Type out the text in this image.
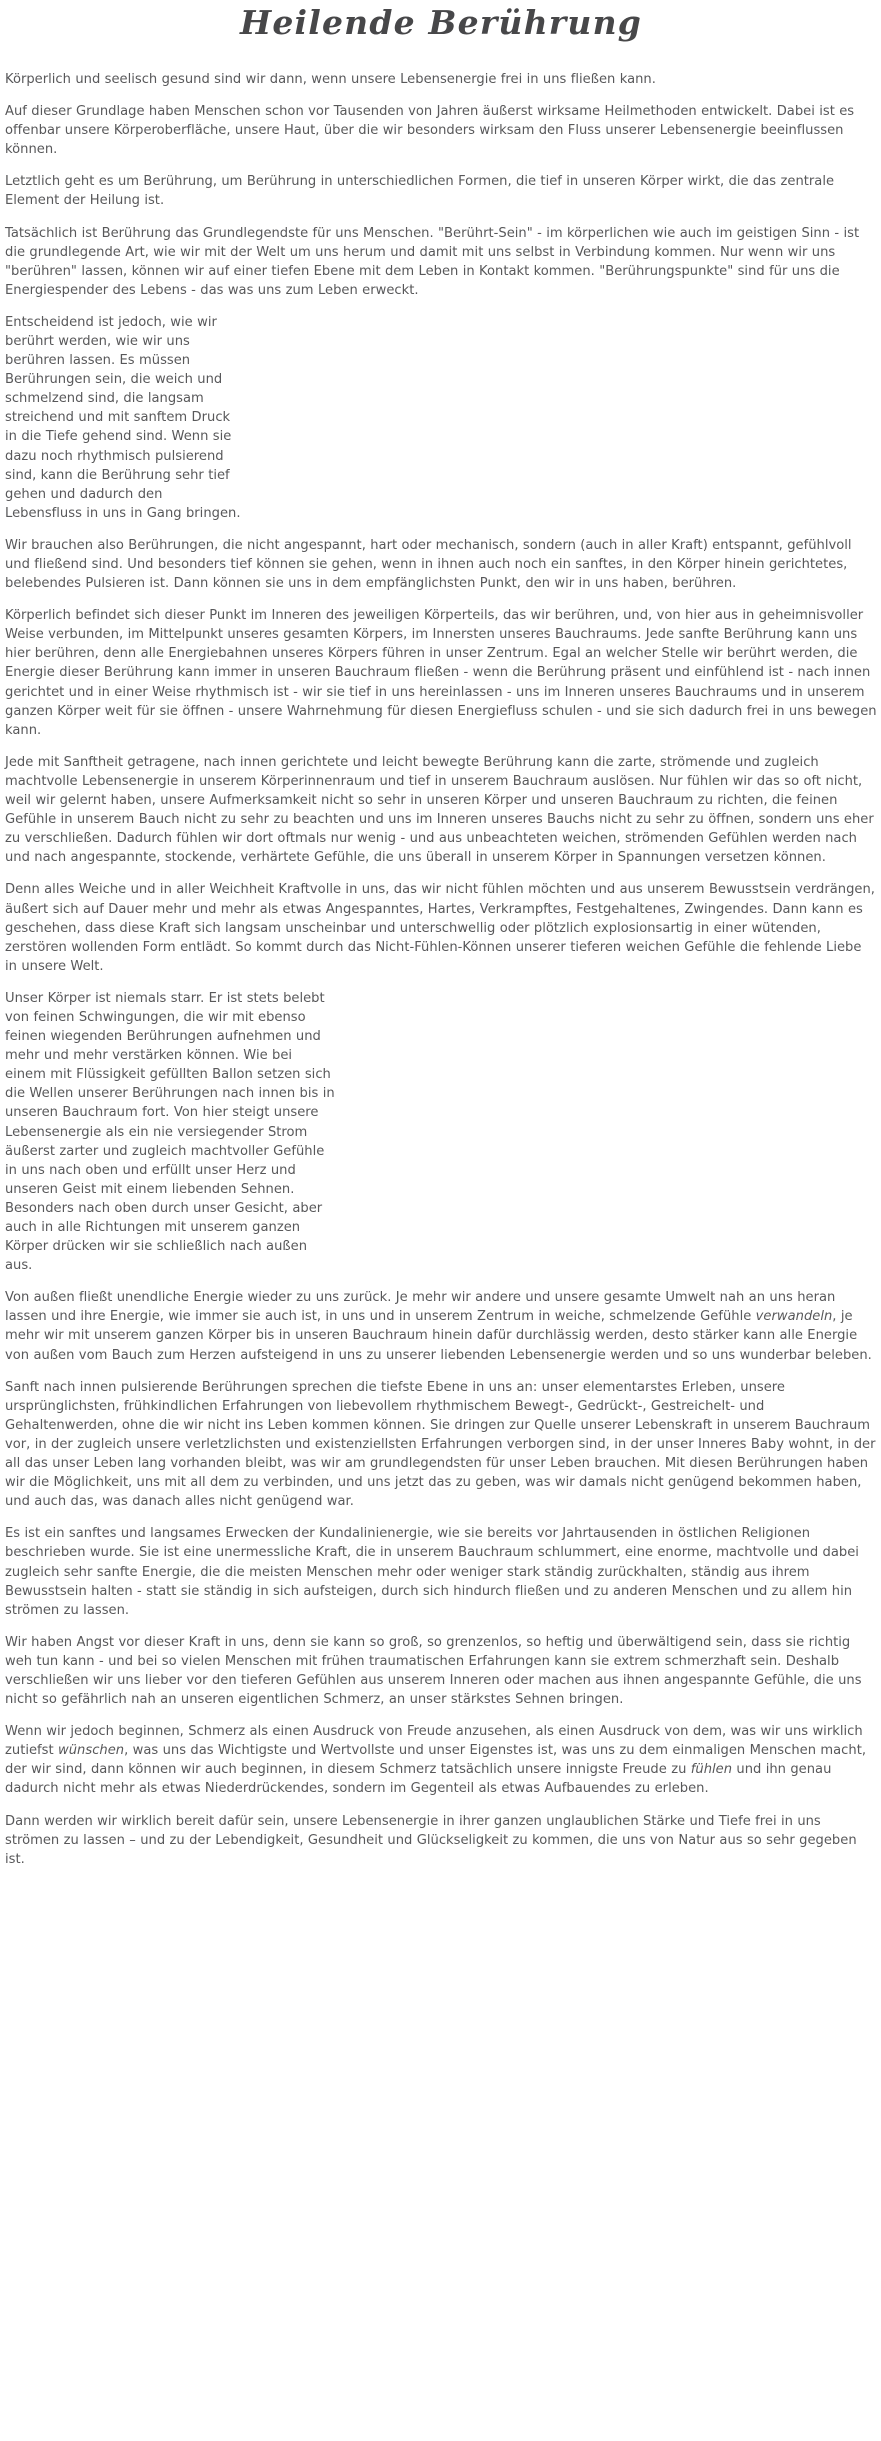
Heilende Berührung

Körperlich und seelisch gesund sind wir dann, wenn unsere Lebensenergie frei in uns fließen kann.

Auf dieser Grundlage haben Menschen schon vor Tausenden von Jahren äußerst wirksame Heilmethoden entwickelt. Dabei ist es offenbar unsere Körperoberfläche, unsere Haut, über die wir besonders wirksam den Fluss unserer Lebensenergie beeinflussen können.

Letztlich geht es um Berührung, um Berührung in unterschiedlichen Formen, die tief in unseren Körper wirkt, die das zentrale Element der Heilung ist.

Tatsächlich ist Berührung das Grundlegendste für uns Menschen. "Berührt-Sein" - im körperlichen wie auch im geistigen Sinn - ist die grundlegende Art, wie wir mit der Welt um uns herum und damit mit uns selbst in Verbindung kommen. Nur wenn wir uns "berühren" lassen, können wir auf einer tiefen Ebene mit dem Leben in Kontakt kommen. "Berührungspunkte" sind für uns die Energiespender des Lebens - das was uns zum Leben erweckt.

Entscheidend ist jedoch, wie wir berührt werden, wie wir uns berühren lassen. Es müssen Berührungen sein, die weich und schmelzend sind, die langsam streichend und mit sanftem Druck in die Tiefe gehend sind. Wenn sie dazu noch rhythmisch pulsierend sind, kann die Berührung sehr tief gehen und dadurch den Lebensfluss in uns in Gang bringen.

Wir brauchen also Berührungen, die nicht angespannt, hart oder mechanisch, sondern (auch in aller Kraft) entspannt, gefühlvoll und fließend sind. Und besonders tief können sie gehen, wenn in ihnen auch noch ein sanftes, in den Körper hinein gerichtetes, belebendes Pulsieren ist. Dann können sie uns in dem empfänglichsten Punkt, den wir in uns haben, berühren.

Körperlich befindet sich dieser Punkt im Inneren des jeweiligen Körperteils, das wir berühren, und, von hier aus in geheimnisvoller Weise verbunden, im Mittelpunkt unseres gesamten Körpers, im Innersten unseres Bauchraums. Jede sanfte Berührung kann uns hier berühren, denn alle Energiebahnen unseres Körpers führen in unser Zentrum. Egal an welcher Stelle wir berührt werden, die Energie dieser Berührung kann immer in unseren Bauchraum fließen - wenn die Berührung präsent und einfühlend ist - nach innen gerichtet und in einer Weise rhythmisch ist - wir sie tief in uns hereinlassen - uns im Inneren unseres Bauchraums und in unserem ganzen Körper weit für sie öffnen - unsere Wahrnehmung für diesen Energiefluss schulen - und sie sich dadurch frei in uns bewegen kann.

Jede mit Sanftheit getragene, nach innen gerichtete und leicht bewegte Berührung kann die zarte, strömende und zugleich machtvolle Lebensenergie in unserem Körperinnenraum und tief in unserem Bauchraum auslösen. Nur fühlen wir das so oft nicht, weil wir gelernt haben, unsere Aufmerksamkeit nicht so sehr in unseren Körper und unseren Bauchraum zu richten, die feinen Gefühle in unserem Bauch nicht zu sehr zu beachten und uns im Inneren unseres Bauchs nicht zu sehr zu öffnen, sondern uns eher zu verschließen. Dadurch fühlen wir dort oftmals nur wenig - und aus unbeachteten weichen, strömenden Gefühlen werden nach und nach angespannte, stockende, verhärtete Gefühle, die uns überall in unserem Körper in Spannungen versetzen können.

Denn alles Weiche und in aller Weichheit Kraftvolle in uns, das wir nicht fühlen möchten und aus unserem Bewusstsein verdrängen, äußert sich auf Dauer mehr und mehr als etwas Angespanntes, Hartes, Verkrampftes, Festgehaltenes, Zwingendes. Dann kann es geschehen, dass diese Kraft sich langsam unscheinbar und unterschwellig oder plötzlich explosionsartig in einer wütenden, zerstören wollenden Form entlädt. So kommt durch das Nicht-Fühlen-Können unserer tieferen weichen Gefühle die fehlende Liebe in unsere Welt.

Unser Körper ist niemals starr. Er ist stets belebt von feinen Schwingungen, die wir mit ebenso feinen wiegenden Berührungen aufnehmen und mehr und mehr verstärken können. Wie bei einem mit Flüssigkeit gefüllten Ballon setzen sich die Wellen unserer Berührungen nach innen bis in unseren Bauchraum fort. Von hier steigt unsere Lebensenergie als ein nie versiegender Strom äußerst zarter und zugleich machtvoller Gefühle in uns nach oben und erfüllt unser Herz und unseren Geist mit einem liebenden Sehnen. Besonders nach oben durch unser Gesicht, aber auch in alle Richtungen mit unserem ganzen Körper drücken wir sie schließlich nach außen aus.

Von außen fließt unendliche Energie wieder zu uns zurück. Je mehr wir andere und unsere gesamte Umwelt nah an uns heran lassen und ihre Energie, wie immer sie auch ist, in uns und in unserem Zentrum in weiche, schmelzende Gefühle verwandeln, je mehr wir mit unserem ganzen Körper bis in unseren Bauchraum hinein dafür durchlässig werden, desto stärker kann alle Energie von außen vom Bauch zum Herzen aufsteigend in uns zu unserer liebenden Lebensenergie werden und so uns wunderbar beleben.

Sanft nach innen pulsierende Berührungen sprechen die tiefste Ebene in uns an: unser elementarstes Erleben, unsere ursprünglichsten, frühkindlichen Erfahrungen von liebevollem rhythmischem Bewegt-, Gedrückt-, Gestreichelt- und Gehaltenwerden, ohne die wir nicht ins Leben kommen können. Sie dringen zur Quelle unserer Lebenskraft in unserem Bauchraum vor, in der zugleich unsere verletzlichsten und existenziellsten Erfahrungen verborgen sind, in der unser Inneres Baby wohnt, in der all das unser Leben lang vorhanden bleibt, was wir am grundlegendsten für unser Leben brauchen. Mit diesen Berührungen haben wir die Möglichkeit, uns mit all dem zu verbinden, und uns jetzt das zu geben, was wir damals nicht genügend bekommen haben, und auch das, was danach alles nicht genügend war.

Es ist ein sanftes und langsames Erwecken der Kundalinienergie, wie sie bereits vor Jahrtausenden in östlichen Religionen beschrieben wurde. Sie ist eine unermessliche Kraft, die in unserem Bauchraum schlummert, eine enorme, machtvolle und dabei zugleich sehr sanfte Energie, die die meisten Menschen mehr oder weniger stark ständig zurückhalten, ständig aus ihrem Bewusstsein halten - statt sie ständig in sich aufsteigen, durch sich hindurch fließen und zu anderen Menschen und zu allem hin strömen zu lassen.

Wir haben Angst vor dieser Kraft in uns, denn sie kann so groß, so grenzenlos, so heftig und überwältigend sein, dass sie richtig weh tun kann - und bei so vielen Menschen mit frühen traumatischen Erfahrungen kann sie extrem schmerzhaft sein. Deshalb verschließen wir uns lieber vor den tieferen Gefühlen aus unserem Inneren oder machen aus ihnen angespannte Gefühle, die uns nicht so gefährlich nah an unseren eigentlichen Schmerz, an unser stärkstes Sehnen bringen.

Wenn wir jedoch beginnen, Schmerz als einen Ausdruck von Freude anzusehen, als einen Ausdruck von dem, was wir uns wirklich zutiefst wünschen, was uns das Wichtigste und Wertvollste und unser Eigenstes ist, was uns zu dem einmaligen Menschen macht, der wir sind, dann können wir auch beginnen, in diesem Schmerz tatsächlich unsere innigste Freude zu fühlen und ihn genau dadurch nicht mehr als etwas Niederdrückendes, sondern im Gegenteil als etwas Aufbauendes zu erleben.

Dann werden wir wirklich bereit dafür sein, unsere Lebensenergie in ihrer ganzen unglaublichen Stärke und Tiefe frei in uns strömen zu lassen – und zu der Lebendigkeit, Gesundheit und Glückseligkeit zu kommen, die uns von Natur aus so sehr gegeben ist.
